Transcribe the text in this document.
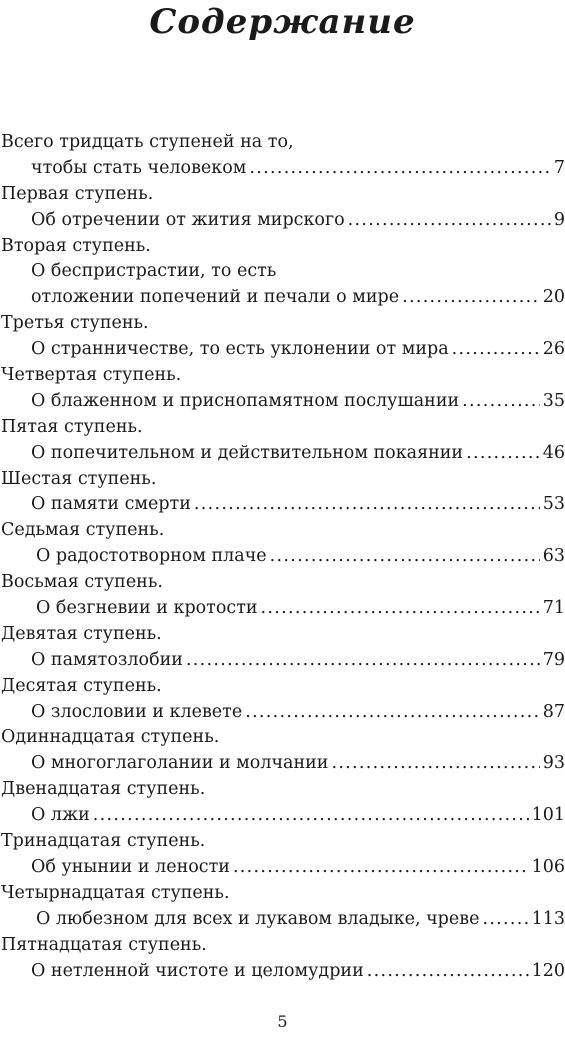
Содержание
Всего тридцать ступеней на то,
чтобы стать человеком .....	7
Первая ступень.
Об отречении от жития мирского .....	9
Вторая ступень.
О беспристрастии, то есть
отложении попечений и печали о мире .....	20
Третья ступень.
О странничестве, то есть уклонении от мира .....	26
Четвертая ступень.
О блаженном и приснопамятном послушании .....	35
Пятая ступень.
О попечительном и действительном покаянии .....	46
Шестая ступень.
О памяти смерти .....	53
Седьмая ступень.
О радостотворном плаче .....	63
Восьмая ступень.
О безгневии и кротости .....	71
Девятая ступень.
О памятозлобии .....	79
Десятая ступень.
О злословии и клевете .....	87
Одиннадцатая ступень.
О многоглаголании и молчании .....	93
Двенадцатая ступень.
О лжи .....	101
Тринадцатая ступень.
Об унынии и лености .....	106
Четырнадцатая ступень.
О любезном для всех и лукавом владыке, чреве .....	113
Пятнадцатая ступень.
О нетленной чистоте и целомудрии .....	120
5
